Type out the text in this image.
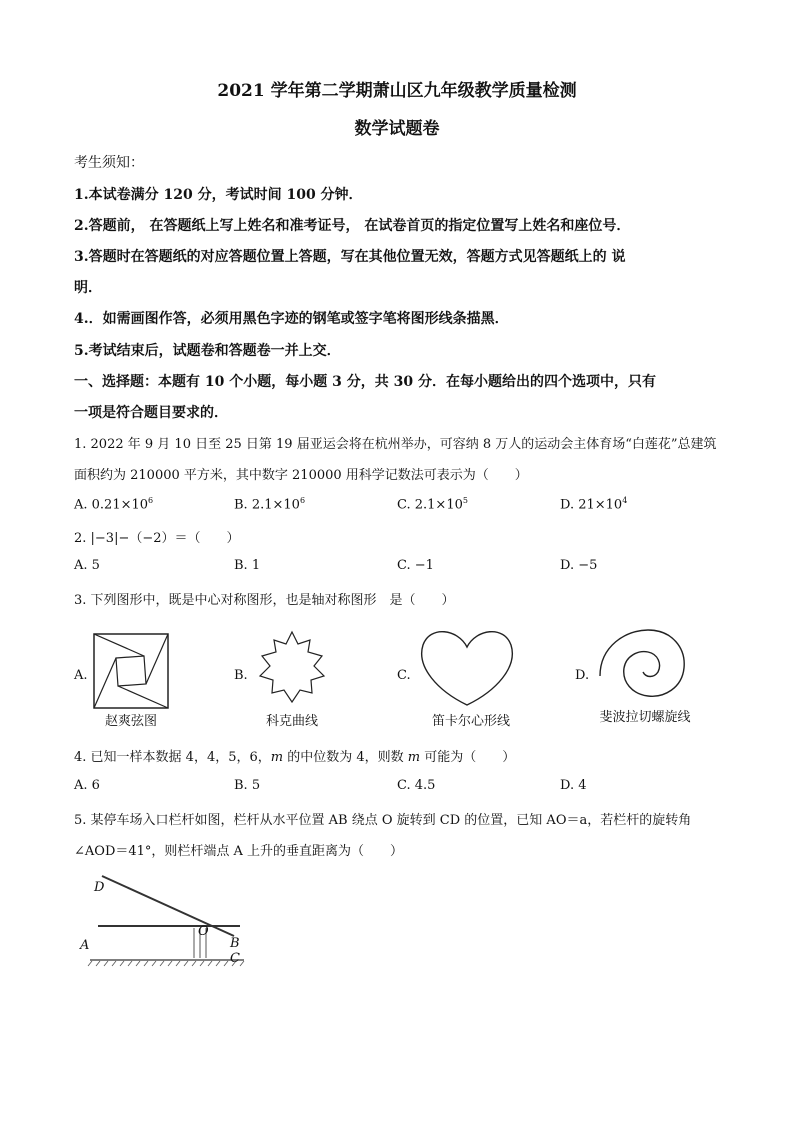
2021 学年第二学期萧山区九年级教学质量检测
数学试题卷
考生须知：
1.本试卷满分 120 分，考试时间 100 分钟．
2.答题前， 在答题纸上写上姓名和准考证号， 在试卷首页的指定位置写上姓名和座位号．
3.答题时在答题纸的对应答题位置上答题，写在其他位置无效，答题方式见答题纸上的 说
明．
4.．如需画图作答，必须用黑色字迹的钢笔或签字笔将图形线条描黑．
5.考试结束后，试题卷和答题卷一并上交．
一、选择题：本题有 10 个小题，每小题 3 分，共 30 分．在每小题给出的四个选项中，只有
一项是符合题目要求的．
1. 2022 年 9 月 10 日至 25 日第 19 届亚运会将在杭州举办，可容纳 8 万人的运动会主体育场“白莲花”总建筑
面积约为 210000 平方米，其中数字 210000 用科学记数法可表示为（　　）
A. $0.21\times 10^6$	B. $2.1\times 10^6$	C. $2.1\times 10^5$	D. $21\times 10^4$
2. |−3|−（−2）＝（　　）
A. 5	B. 1	C. −1	D. −5
3. 下列图形中，既是中心对称图形，也是轴对称图形　是（　　）
A.
赵爽弦图
B.
科克曲线
C.
笛卡尔心形线
D.
斐波拉切螺旋线
4. 已知一样本数据 4，4，5，6，m 的中位数为 4，则数 m 可能为（　　）
A. 6	B. 5	C. 4.5	D. 4
5. 某停车场入口栏杆如图，栏杆从水平位置 AB 绕点 O 旋转到 CD 的位置，已知 AO＝a，若栏杆的旋转角
∠AOD＝41°，则栏杆端点 A 上升的垂直距离为（　　）
D
A
O
B
C
